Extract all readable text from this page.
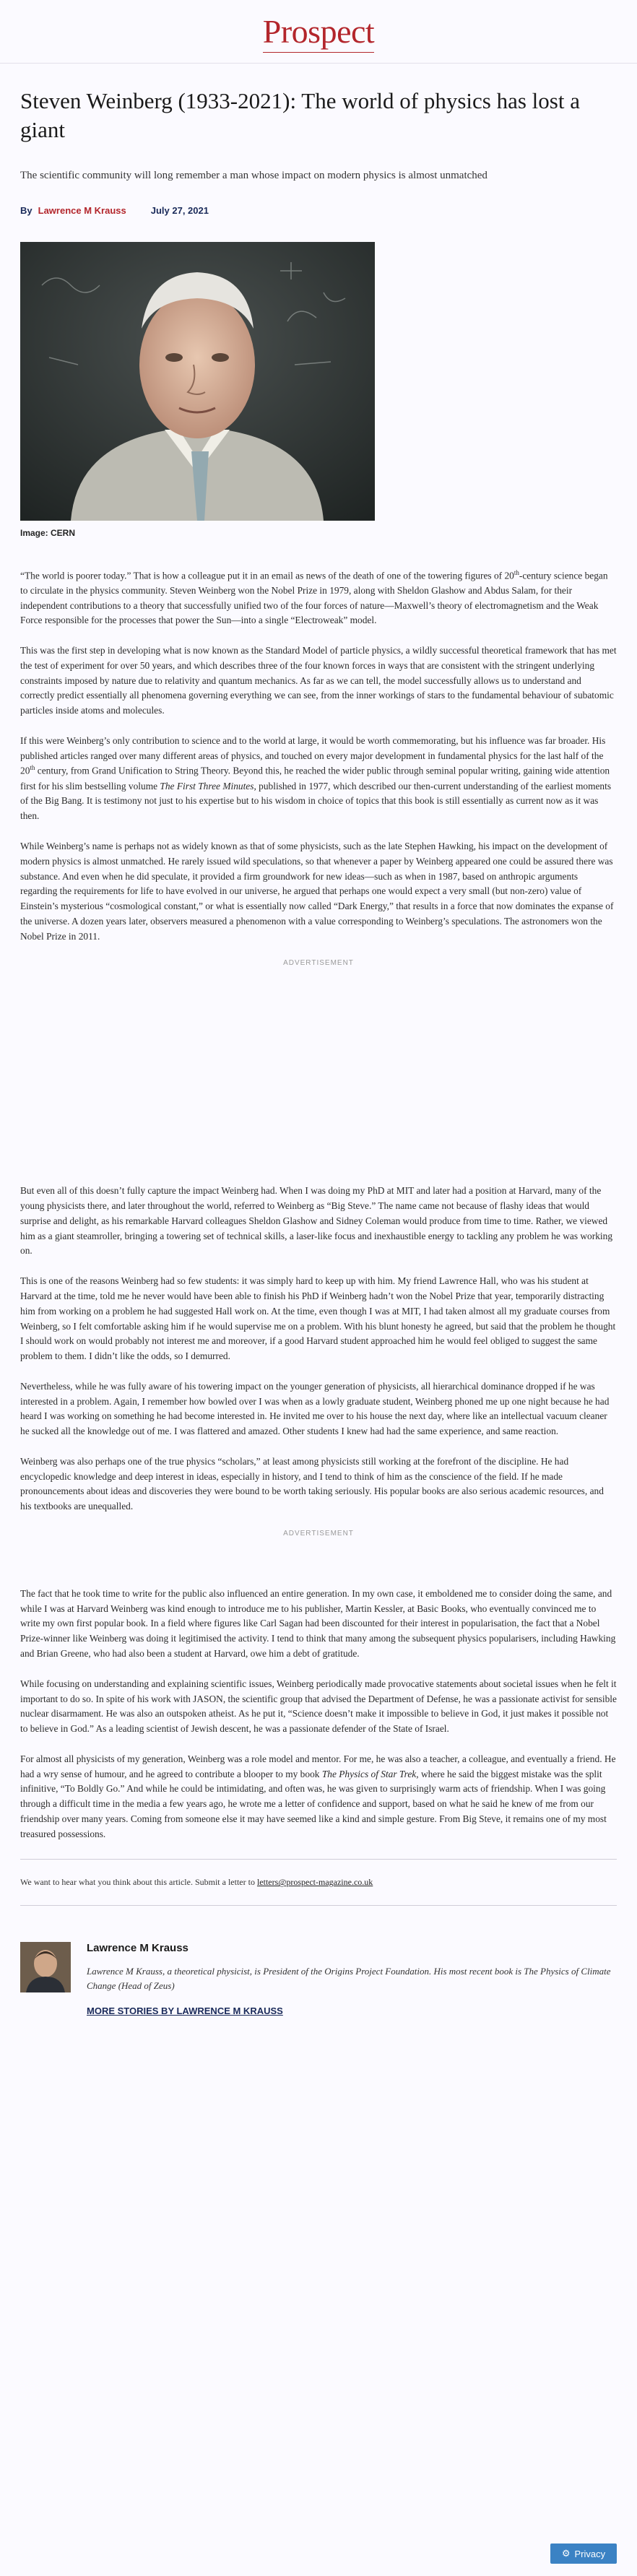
Prospect
Steven Weinberg (1933-2021): The world of physics has lost a giant

The scientific community will long remember a man whose impact on modern physics is almost unmatched

By Lawrence M Krauss	July 27, 2021

Image: CERN

“The world is poorer today.” That is how a colleague put it in an email as news of the death of one of the towering figures of 20th-century science began to circulate in the physics community. Steven Weinberg won the Nobel Prize in 1979, along with Sheldon Glashow and Abdus Salam, for their independent contributions to a theory that successfully unified two of the four forces of nature—Maxwell’s theory of electromagnetism and the Weak Force responsible for the processes that power the Sun—into a single “Electroweak” model.

This was the first step in developing what is now known as the Standard Model of particle physics, a wildly successful theoretical framework that has met the test of experiment for over 50 years, and which describes three of the four known forces in ways that are consistent with the stringent underlying constraints imposed by nature due to relativity and quantum mechanics. As far as we can tell, the model successfully allows us to understand and correctly predict essentially all phenomena governing everything we can see, from the inner workings of stars to the fundamental behaviour of subatomic particles inside atoms and molecules.

If this were Weinberg’s only contribution to science and to the world at large, it would be worth commemorating, but his influence was far broader. His published articles ranged over many different areas of physics, and touched on every major development in fundamental physics for the last half of the 20th century, from Grand Unification to String Theory. Beyond this, he reached the wider public through seminal popular writing, gaining wide attention first for his slim bestselling volume The First Three Minutes, published in 1977, which described our then-current understanding of the earliest moments of the Big Bang. It is testimony not just to his expertise but to his wisdom in choice of topics that this book is still essentially as current now as it was then.

While Weinberg’s name is perhaps not as widely known as that of some physicists, such as the late Stephen Hawking, his impact on the development of modern physics is almost unmatched. He rarely issued wild speculations, so that whenever a paper by Weinberg appeared one could be assured there was substance. And even when he did speculate, it provided a firm groundwork for new ideas—such as when in 1987, based on anthropic arguments regarding the requirements for life to have evolved in our universe, he argued that perhaps one would expect a very small (but non-zero) value of Einstein’s mysterious “cosmological constant,” or what is essentially now called “Dark Energy,” that results in a force that now dominates the expanse of the universe. A dozen years later, observers measured a phenomenon with a value corresponding to Weinberg’s speculations. The astronomers won the Nobel Prize in 2011.

ADVERTISEMENT

But even all of this doesn’t fully capture the impact Weinberg had. When I was doing my PhD at MIT and later had a position at Harvard, many of the young physicists there, and later throughout the world, referred to Weinberg as “Big Steve.” The name came not because of flashy ideas that would surprise and delight, as his remarkable Harvard colleagues Sheldon Glashow and Sidney Coleman would produce from time to time. Rather, we viewed him as a giant steamroller, bringing a towering set of technical skills, a laser-like focus and inexhaustible energy to tackling any problem he was working on.

This is one of the reasons Weinberg had so few students: it was simply hard to keep up with him. My friend Lawrence Hall, who was his student at Harvard at the time, told me he never would have been able to finish his PhD if Weinberg hadn’t won the Nobel Prize that year, temporarily distracting him from working on a problem he had suggested Hall work on. At the time, even though I was at MIT, I had taken almost all my graduate courses from Weinberg, so I felt comfortable asking him if he would supervise me on a problem. With his blunt honesty he agreed, but said that the problem he thought I should work on would probably not interest me and moreover, if a good Harvard student approached him he would feel obliged to suggest the same problem to them. I didn’t like the odds, so I demurred.

Nevertheless, while he was fully aware of his towering impact on the younger generation of physicists, all hierarchical dominance dropped if he was interested in a problem. Again, I remember how bowled over I was when as a lowly graduate student, Weinberg phoned me up one night because he had heard I was working on something he had become interested in. He invited me over to his house the next day, where like an intellectual vacuum cleaner he sucked all the knowledge out of me. I was flattered and amazed. Other students I knew had had the same experience, and same reaction.

Weinberg was also perhaps one of the true physics “scholars,” at least among physicists still working at the forefront of the discipline. He had encyclopedic knowledge and deep interest in ideas, especially in history, and I tend to think of him as the conscience of the field. If he made pronouncements about ideas and discoveries they were bound to be worth taking seriously. His popular books are also serious academic resources, and his textbooks are unequalled.

ADVERTISEMENT

The fact that he took time to write for the public also influenced an entire generation. In my own case, it emboldened me to consider doing the same, and while I was at Harvard Weinberg was kind enough to introduce me to his publisher, Martin Kessler, at Basic Books, who eventually convinced me to write my own first popular book. In a field where figures like Carl Sagan had been discounted for their interest in popularisation, the fact that a Nobel Prize-winner like Weinberg was doing it legitimised the activity. I tend to think that many among the subsequent physics popularisers, including Hawking and Brian Greene, who had also been a student at Harvard, owe him a debt of gratitude.

While focusing on understanding and explaining scientific issues, Weinberg periodically made provocative statements about societal issues when he felt it important to do so. In spite of his work with JASON, the scientific group that advised the Department of Defense, he was a passionate activist for sensible nuclear disarmament. He was also an outspoken atheist. As he put it, “Science doesn’t make it impossible to believe in God, it just makes it possible not to believe in God.” As a leading scientist of Jewish descent, he was a passionate defender of the State of Israel.

For almost all physicists of my generation, Weinberg was a role model and mentor. For me, he was also a teacher, a colleague, and eventually a friend. He had a wry sense of humour, and he agreed to contribute a blooper to my book The Physics of Star Trek, where he said the biggest mistake was the split infinitive, “To Boldly Go.” And while he could be intimidating, and often was, he was given to surprisingly warm acts of friendship. When I was going through a difficult time in the media a few years ago, he wrote me a letter of confidence and support, based on what he said he knew of me from our friendship over many years. Coming from someone else it may have seemed like a kind and simple gesture. From Big Steve, it remains one of my most treasured possessions.

We want to hear what you think about this article. Submit a letter to letters@prospect-magazine.co.uk

Lawrence M Krauss

Lawrence M Krauss, a theoretical physicist, is President of the Origins Project Foundation. His most recent book is The Physics of Climate Change (Head of Zeus)

MORE STORIES BY LAWRENCE M KRAUSS
⚙ Privacy
